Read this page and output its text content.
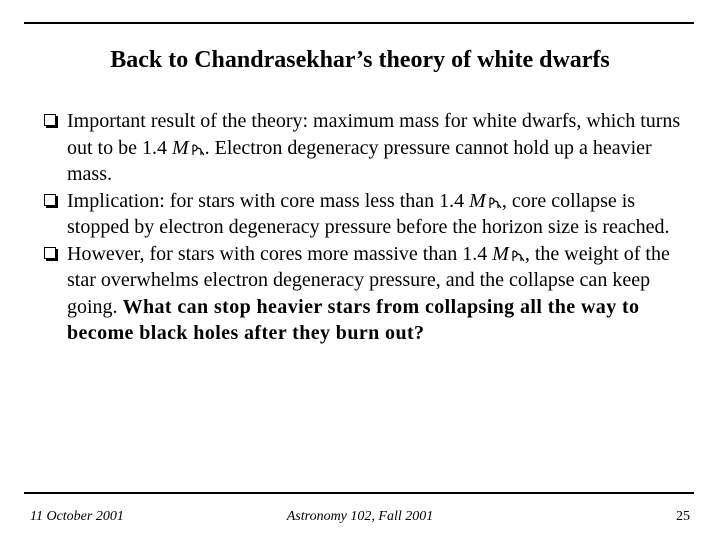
Back to Chandrasekhar’s theory of white dwarfs
Important result of the theory: maximum mass for white dwarfs, which turns out to be 1.4 M . Electron degeneracy pressure cannot hold up a heavier mass.
Implication: for stars with core mass less than 1.4 M , core collapse is stopped by electron degeneracy pressure before the horizon size is reached.
However, for stars with cores more massive than 1.4 M , the weight of the star overwhelms electron degeneracy pressure, and the collapse can keep going. What can stop heavier stars from collapsing all the way to become black holes after they burn out?
11 October 2001	Astronomy 102, Fall 2001	25
